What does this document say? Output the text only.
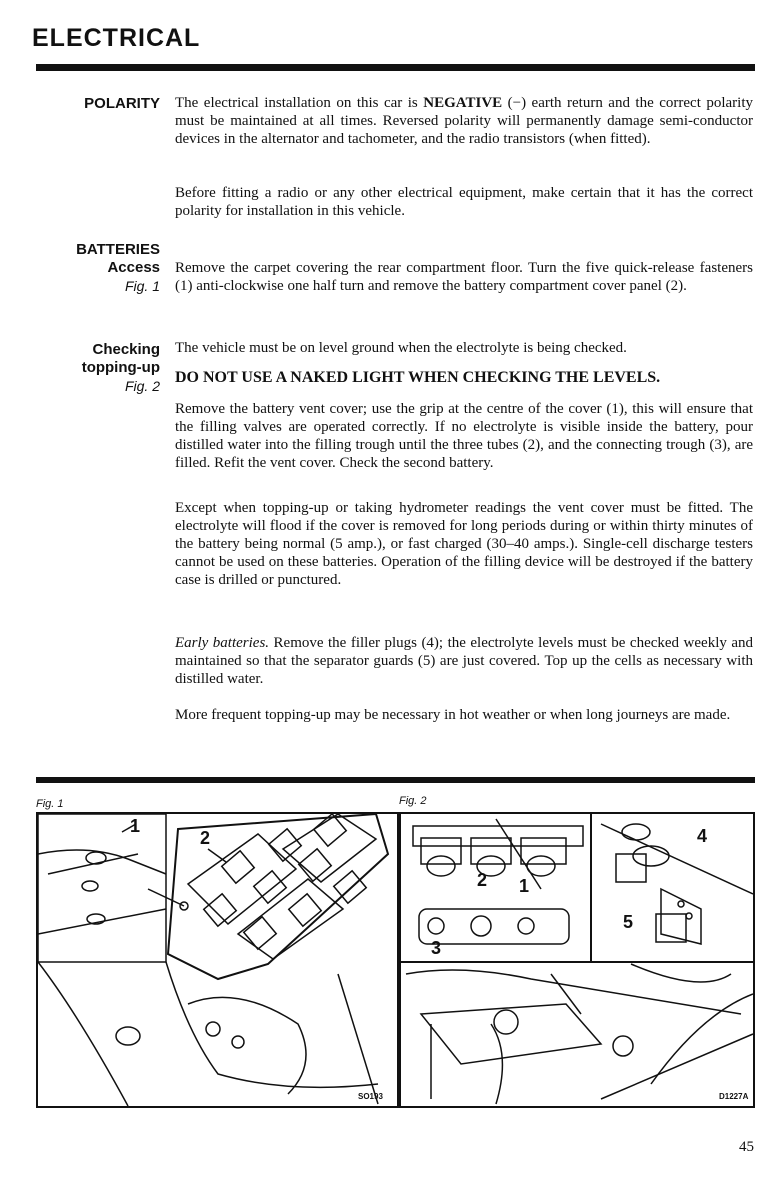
ELECTRICAL
POLARITY The electrical installation on this car is NEGATIVE (−) earth return and the correct polarity must be maintained at all times. Reversed polarity will permanently damage semi-conductor devices in the alternator and tachometer, and the radio transistors (when fitted).

Before fitting a radio or any other electrical equipment, make certain that it has the correct polarity for installation in this vehicle.

BATTERIES
Access
Fig. 1

Remove the carpet covering the rear compartment floor. Turn the five quick-release fasteners (1) anti-clockwise one half turn and remove the battery compartment cover panel (2).

Checking
topping-up
Fig. 2

The vehicle must be on level ground when the electrolyte is being checked.

DO NOT USE A NAKED LIGHT WHEN CHECKING THE LEVELS.

Remove the battery vent cover; use the grip at the centre of the cover (1), this will ensure that the filling valves are operated correctly. If no electrolyte is visible inside the battery, pour distilled water into the filling trough until the three tubes (2), and the connecting trough (3), are filled. Refit the vent cover. Check the second battery.

Except when topping-up or taking hydrometer readings the vent cover must be fitted. The electrolyte will flood if the cover is removed for long periods during or within thirty minutes of the battery being normal (5 amp.), or fast charged (30–40 amps.). Single-cell discharge testers cannot be used on these batteries. Operation of the filling device will be destroyed if the battery case is drilled or punctured.

Early batteries. Remove the filler plugs (4); the electrolyte levels must be checked weekly and maintained so that the separator guards (5) are just covered. Top up the cells as necessary with distilled water.

More frequent topping-up may be necessary in hot weather or when long journeys are made.

Fig. 1
1
2
SO193
Fig. 2
2 1
3
4
5
D1227A
45
